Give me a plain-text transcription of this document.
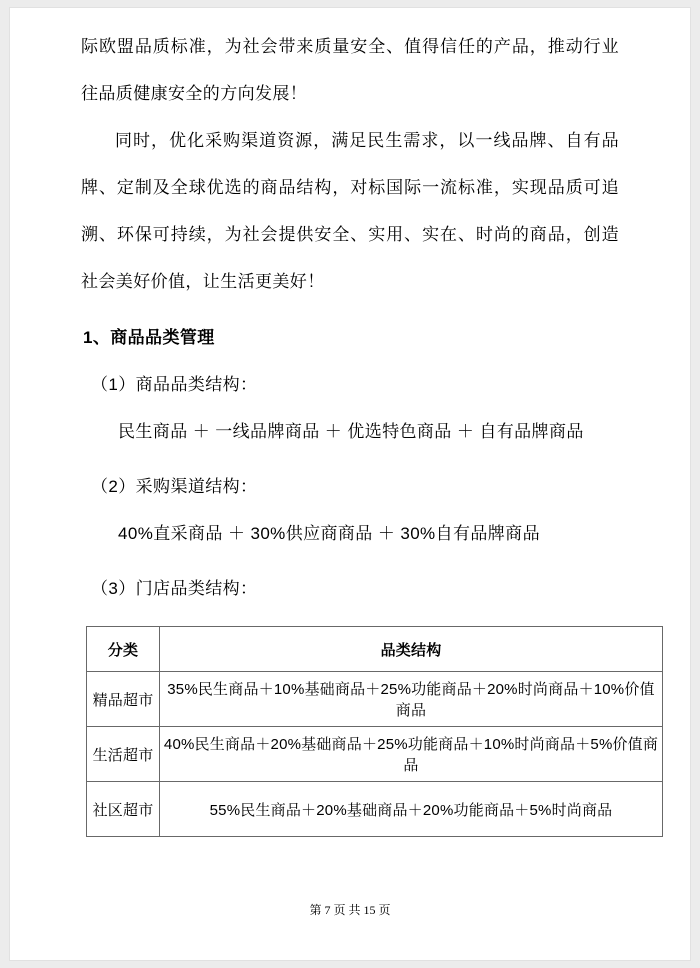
际欧盟品质标准，为社会带来质量安全、值得信任的产品，推动行业往品质健康安全的方向发展！

同时，优化采购渠道资源，满足民生需求，以一线品牌、自有品牌、定制及全球优选的商品结构，对标国际一流标准，实现品质可追溯、环保可持续，为社会提供安全、实用、实在、时尚的商品，创造社会美好价值，让生活更美好！

1、商品品类管理

（1）商品品类结构：

民生商品 ＋ 一线品牌商品 ＋ 优选特色商品 ＋ 自有品牌商品

（2）采购渠道结构：

40%直采商品 ＋ 30%供应商商品 ＋ 30%自有品牌商品

（3）门店品类结构：

分类	品类结构
精品超市	35%民生商品＋10%基础商品＋25%功能商品＋20%时尚商品＋10%价值商品
生活超市	40%民生商品＋20%基础商品＋25%功能商品＋10%时尚商品＋5%价值商品
社区超市	55%民生商品＋20%基础商品＋20%功能商品＋5%时尚商品
第 7 页 共 15 页
